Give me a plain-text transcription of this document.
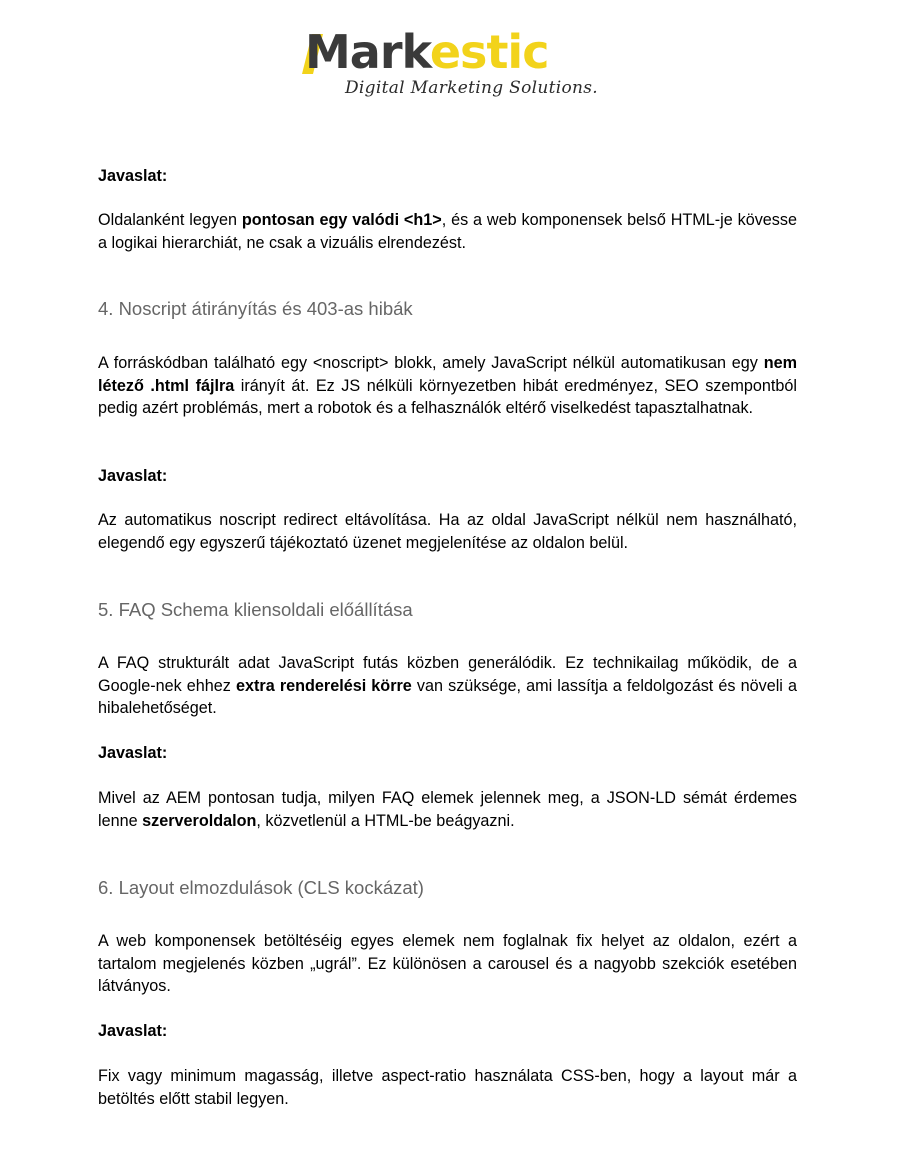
Markestic
Digital Marketing Solutions.

Javaslat:

Oldalanként legyen pontosan egy valódi <h1>, és a web komponensek belső HTML-je kövesse a logikai hierarchiát, ne csak a vizuális elrendezést.

4. Noscript átirányítás és 403-as hibák

A forráskódban található egy <noscript> blokk, amely JavaScript nélkül automatikusan egy nem létező .html fájlra irányít át. Ez JS nélküli környezetben hibát eredményez, SEO szempontból pedig azért problémás, mert a robotok és a felhasználók eltérő viselkedést tapasztalhatnak.

Javaslat:

Az automatikus noscript redirect eltávolítása. Ha az oldal JavaScript nélkül nem használható, elegendő egy egyszerű tájékoztató üzenet megjelenítése az oldalon belül.

5. FAQ Schema kliensoldali előállítása

A FAQ strukturált adat JavaScript futás közben generálódik. Ez technikailag működik, de a Google-nek ehhez extra renderelési körre van szüksége, ami lassítja a feldolgozást és növeli a hibalehetőséget.

Javaslat:

Mivel az AEM pontosan tudja, milyen FAQ elemek jelennek meg, a JSON-LD sémát érdemes lenne szerveroldalon, közvetlenül a HTML-be beágyazni.

6. Layout elmozdulások (CLS kockázat)

A web komponensek betöltéséig egyes elemek nem foglalnak fix helyet az oldalon, ezért a tartalom megjelenés közben „ugrál”. Ez különösen a carousel és a nagyobb szekciók esetében látványos.

Javaslat:

Fix vagy minimum magasság, illetve aspect-ratio használata CSS-ben, hogy a layout már a betöltés előtt stabil legyen.
